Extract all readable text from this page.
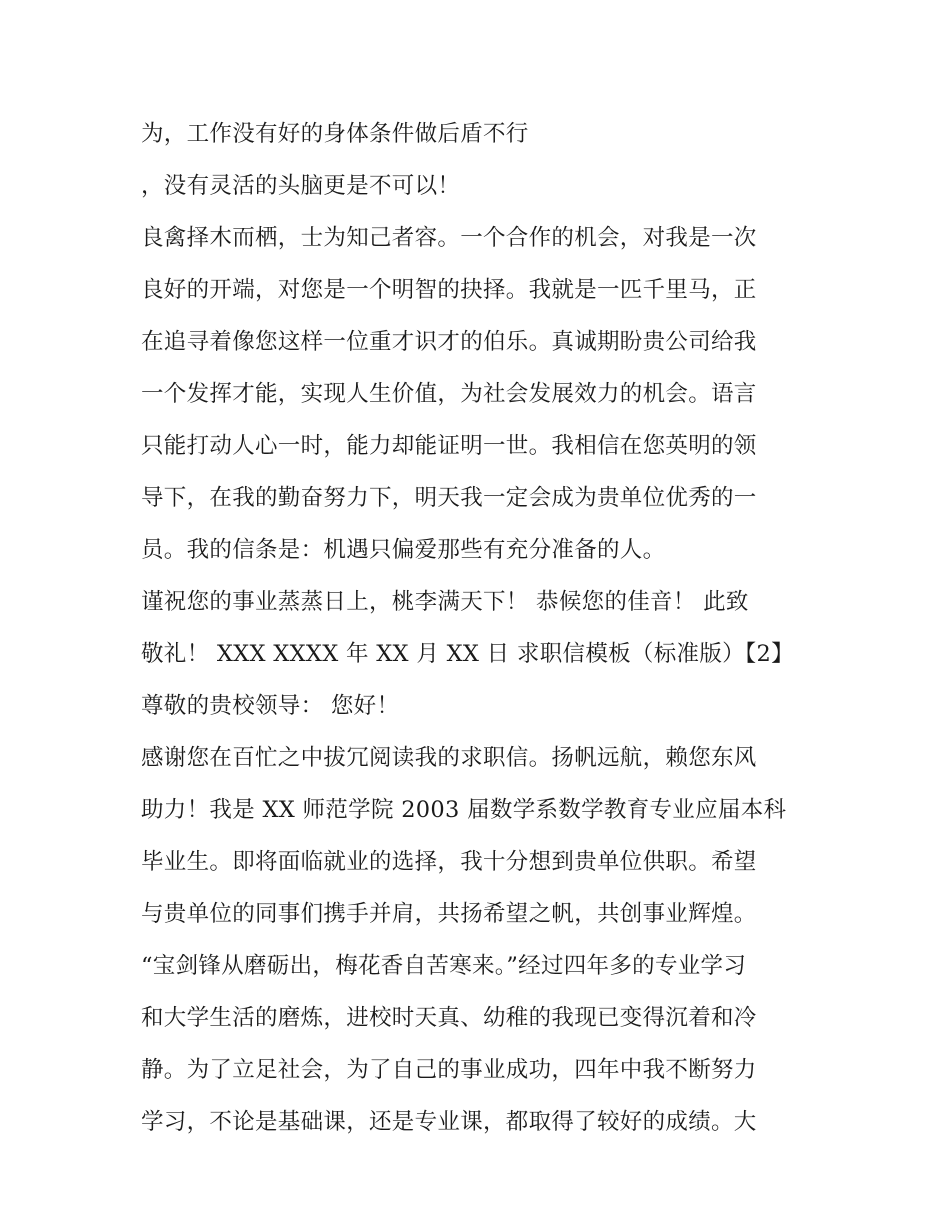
为，工作没有好的身体条件做后盾不行
，没有灵活的头脑更是不可以！
良禽择木而栖，士为知己者容。一个合作的机会，对我是一次
良好的开端，对您是一个明智的抉择。我就是一匹千里马，正
在追寻着像您这样一位重才识才的伯乐。真诚期盼贵公司给我
一个发挥才能，实现人生价值，为社会发展效力的机会。语言
只能打动人心一时，能力却能证明一世。我相信在您英明的领
导下，在我的勤奋努力下，明天我一定会成为贵单位优秀的一
员。我的信条是：机遇只偏爱那些有充分准备的人。
谨祝您的事业蒸蒸日上，桃李满天下！ 恭候您的佳音！ 此致
敬礼！ XXX XXXX 年 XX 月 XX 日 求职信模板（标准版）【2】
尊敬的贵校领导： 您好！
感谢您在百忙之中拔冗阅读我的求职信。扬帆远航，赖您东风
助力！我是 XX 师范学院 2003 届数学系数学教育专业应届本科
毕业生。即将面临就业的选择，我十分想到贵单位供职。希望
与贵单位的同事们携手并肩，共扬希望之帆，共创事业辉煌。
“宝剑锋从磨砺出，梅花香自苦寒来。”经过四年多的专业学习
和大学生活的磨炼，进校时天真、幼稚的我现已变得沉着和冷
静。为了立足社会，为了自己的事业成功，四年中我不断努力
学习，不论是基础课，还是专业课，都取得了较好的成绩。大
